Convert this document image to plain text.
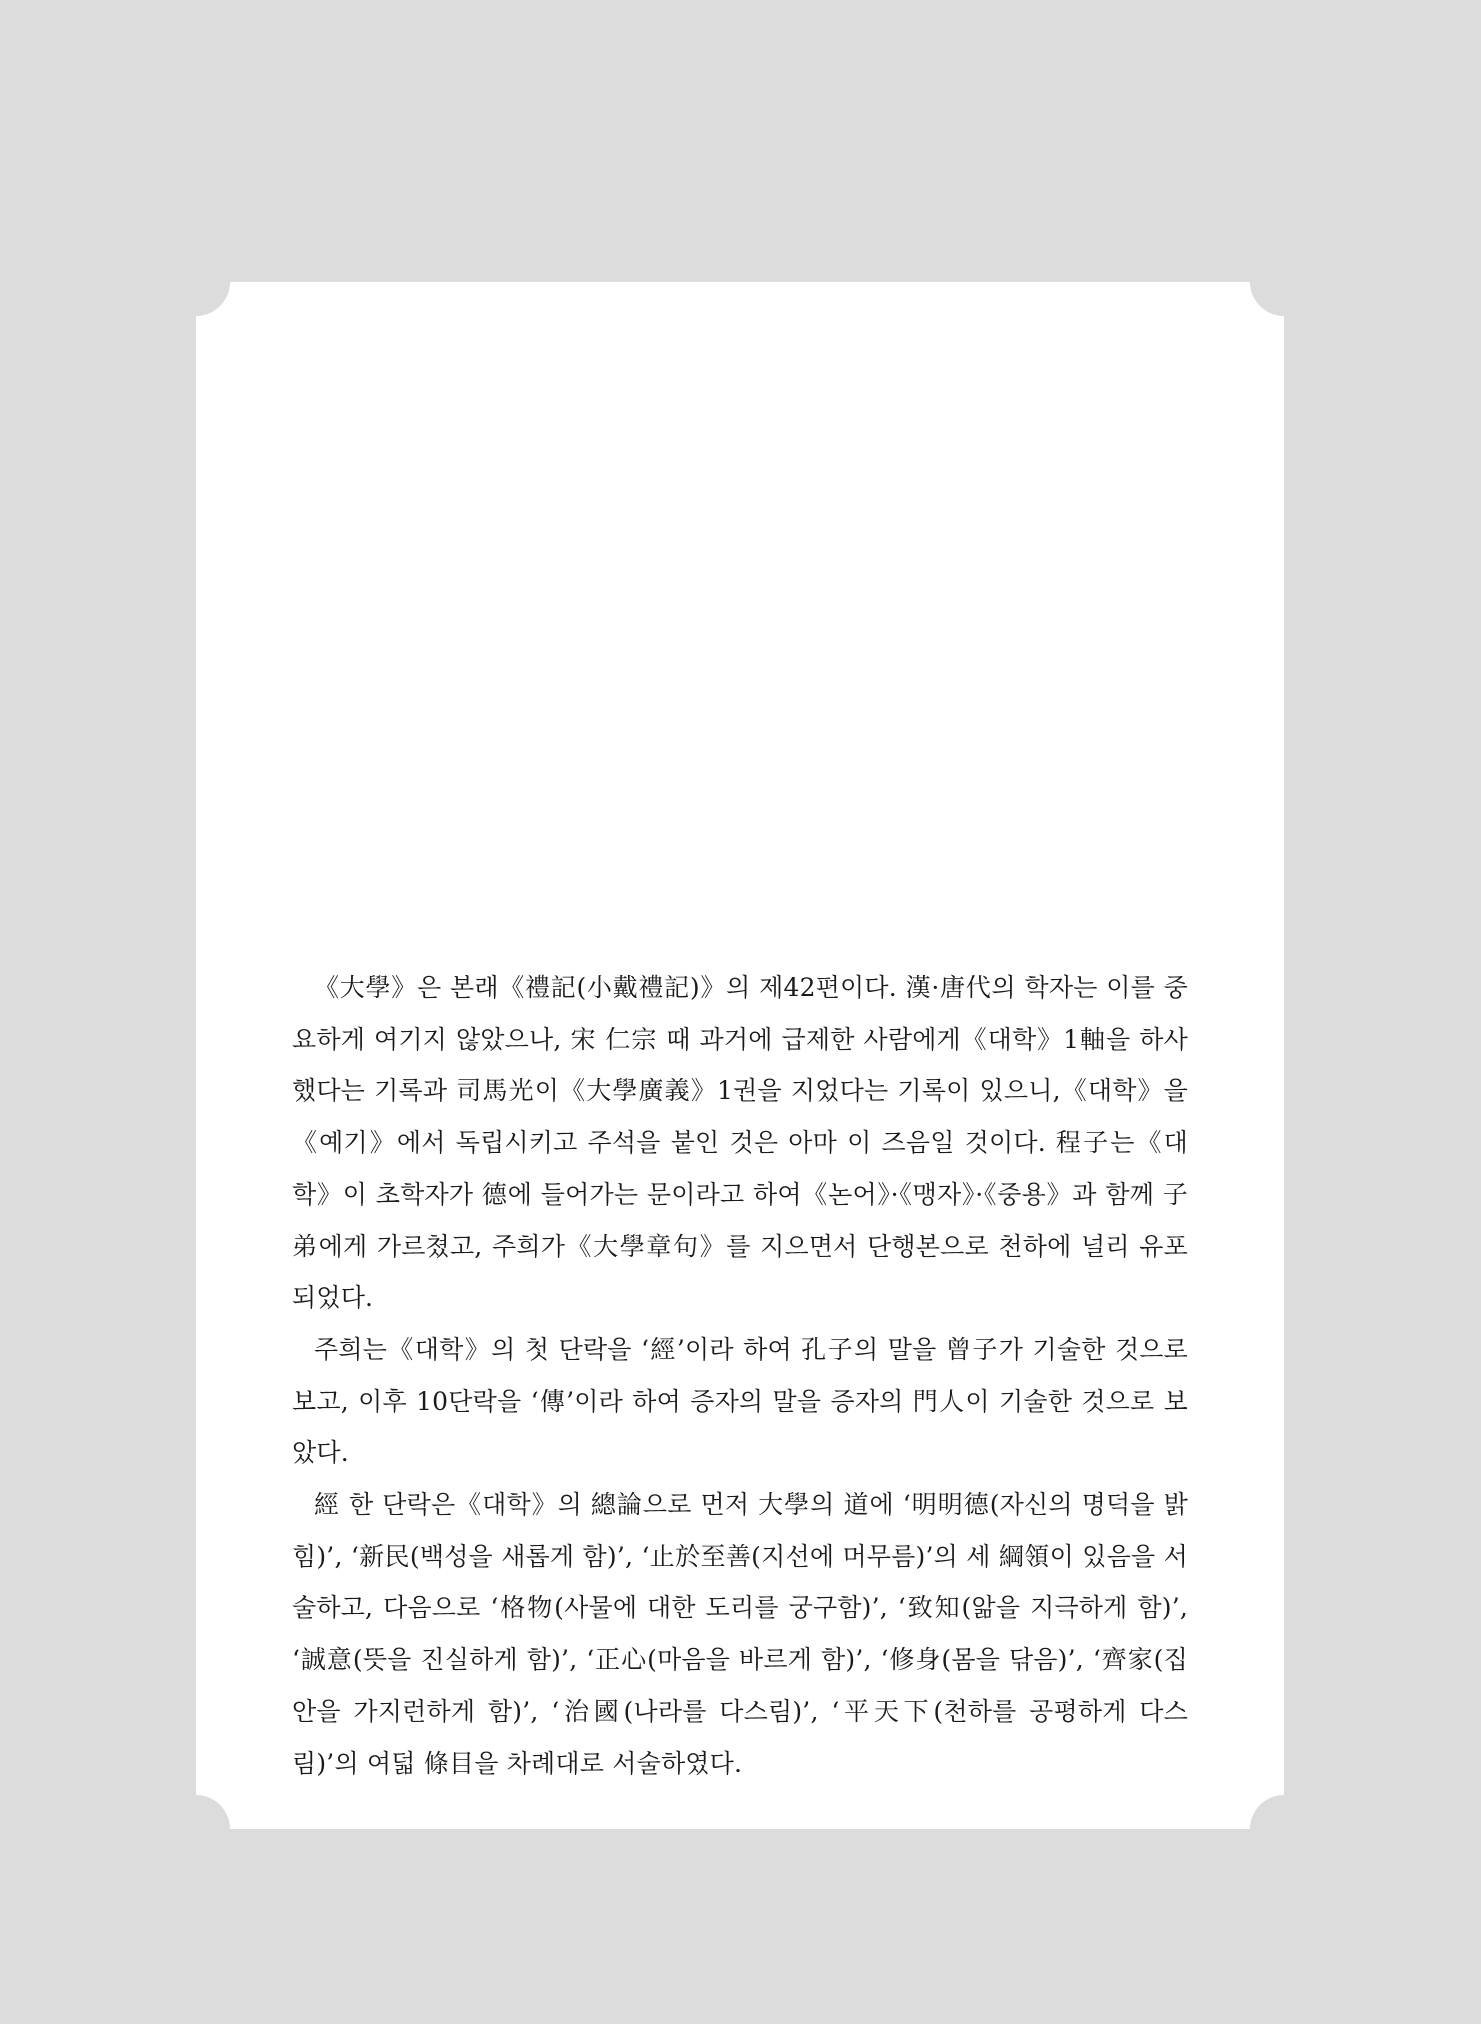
《大學》은 본래《禮記(小戴禮記)》의 제42편이다. 漢·唐代의 학자는 이를 중요하게 여기지 않았으나, 宋 仁宗 때 과거에 급제한 사람에게《대학》1軸을 하사했다는 기록과 司馬光이《大學廣義》1권을 지었다는 기록이 있으니,《대학》을《예기》에서 독립시키고 주석을 붙인 것은 아마 이 즈음일 것이다. 程子는《대학》이 초학자가 德에 들어가는 문이라고 하여《논어》·《맹자》·《중용》과 함께 子弟에게 가르쳤고, 주희가《大學章句》를 지으면서 단행본으로 천하에 널리 유포되었다.

주희는《대학》의 첫 단락을 ‘經’이라 하여 孔子의 말을 曾子가 기술한 것으로 보고, 이후 10단락을 ‘傳’이라 하여 증자의 말을 증자의 門人이 기술한 것으로 보았다.

經 한 단락은《대학》의 總論으로 먼저 大學의 道에 ‘明明德(자신의 명덕을 밝힘)’, ‘新民(백성을 새롭게 함)’, ‘止於至善(지선에 머무름)’의 세 綱領이 있음을 서술하고, 다음으로 ‘格物(사물에 대한 도리를 궁구함)’, ‘致知(앎을 지극하게 함)’, ‘誠意(뜻을 진실하게 함)’, ‘正心(마음을 바르게 함)’, ‘修身(몸을 닦음)’, ‘齊家(집안을 가지런하게 함)’, ‘治國(나라를 다스림)’, ‘平天下(천하를 공평하게 다스림)’의 여덟 條目을 차례대로 서술하였다.
